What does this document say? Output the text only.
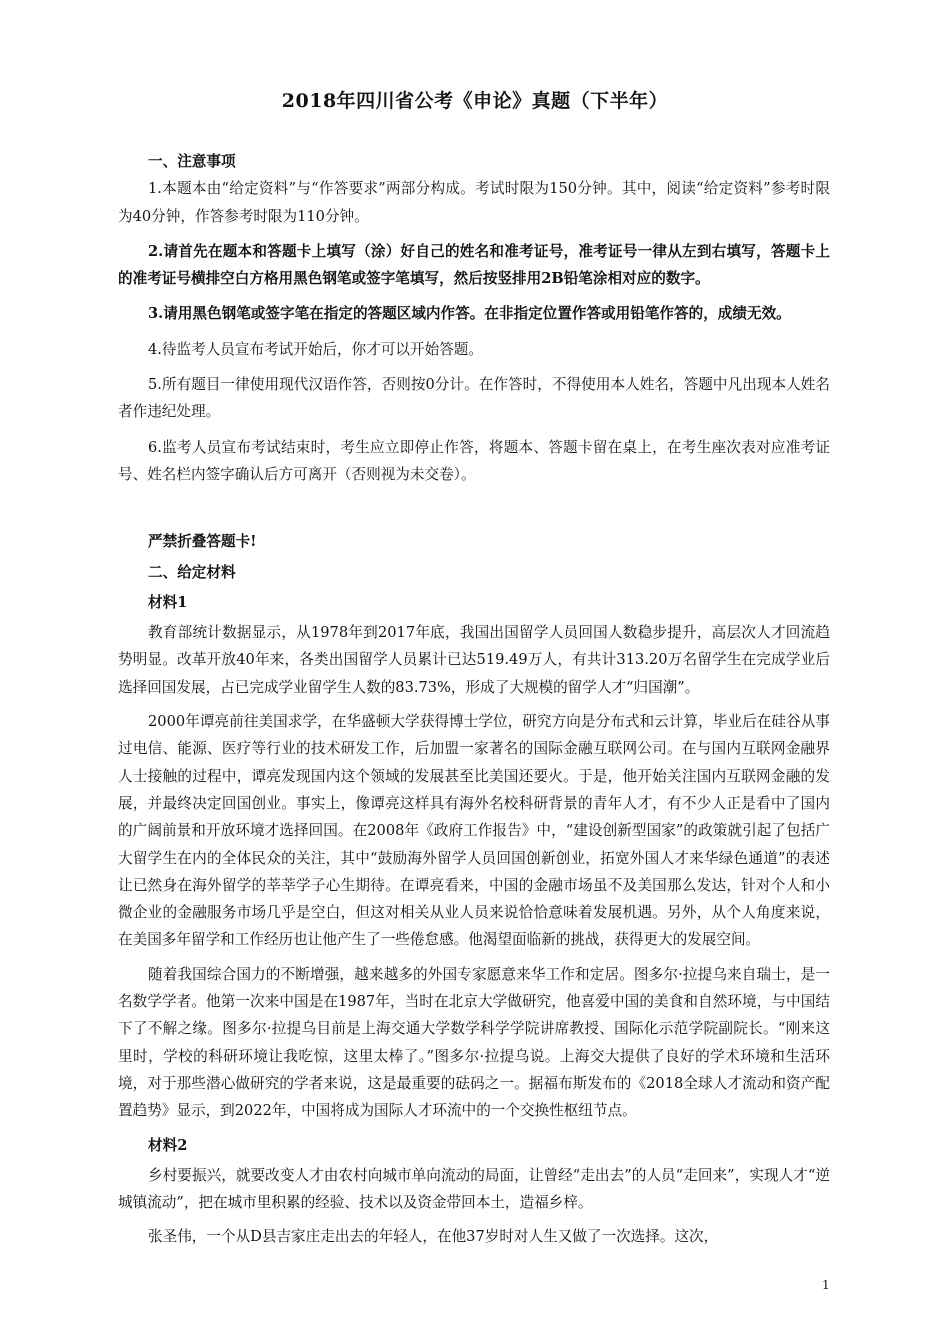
2018年四川省公考《申论》真题（下半年）

一、注意事项

1.本题本由“给定资料”与“作答要求”两部分构成。考试时限为150分钟。其中，阅读“给定资料”参考时限为40分钟，作答参考时限为110分钟。

2.请首先在题本和答题卡上填写（涂）好自己的姓名和准考证号，准考证号一律从左到右填写，答题卡上的准考证号横排空白方格用黑色钢笔或签字笔填写，然后按竖排用2B铅笔涂相对应的数字。

3.请用黑色钢笔或签字笔在指定的答题区域内作答。在非指定位置作答或用铅笔作答的，成绩无效。

4.待监考人员宣布考试开始后，你才可以开始答题。

5.所有题目一律使用现代汉语作答，否则按0分计。在作答时，不得使用本人姓名，答题中凡出现本人姓名者作违纪处理。

6.监考人员宣布考试结束时，考生应立即停止作答，将题本、答题卡留在桌上，在考生座次表对应准考证号、姓名栏内签字确认后方可离开（否则视为未交卷）。

严禁折叠答题卡!

二、给定材料

材料1

教育部统计数据显示，从1978年到2017年底，我国出国留学人员回国人数稳步提升，高层次人才回流趋势明显。改革开放40年来，各类出国留学人员累计已达519.49万人，有共计313.20万名留学生在完成学业后选择回国发展，占已完成学业留学生人数的83.73%，形成了大规模的留学人才“归国潮”。

2000年谭亮前往美国求学，在华盛顿大学获得博士学位，研究方向是分布式和云计算，毕业后在硅谷从事过电信、能源、医疗等行业的技术研发工作，后加盟一家著名的国际金融互联网公司。在与国内互联网金融界人士接触的过程中，谭亮发现国内这个领域的发展甚至比美国还要火。于是，他开始关注国内互联网金融的发展，并最终决定回国创业。事实上，像谭亮这样具有海外名校科研背景的青年人才，有不少人正是看中了国内的广阔前景和开放环境才选择回国。在2008年《政府工作报告》中，“建设创新型国家”的政策就引起了包括广大留学生在内的全体民众的关注，其中“鼓励海外留学人员回国创新创业，拓宽外国人才来华绿色通道”的表述让已然身在海外留学的莘莘学子心生期待。在谭亮看来，中国的金融市场虽不及美国那么发达，针对个人和小微企业的金融服务市场几乎是空白，但这对相关从业人员来说恰恰意味着发展机遇。另外，从个人角度来说，在美国多年留学和工作经历也让他产生了一些倦怠感。他渴望面临新的挑战，获得更大的发展空间。

随着我国综合国力的不断增强，越来越多的外国专家愿意来华工作和定居。图多尔·拉提乌来自瑞士，是一名数学学者。他第一次来中国是在1987年，当时在北京大学做研究，他喜爱中国的美食和自然环境，与中国结下了不解之缘。图多尔·拉提乌目前是上海交通大学数学科学学院讲席教授、国际化示范学院副院长。“刚来这里时，学校的科研环境让我吃惊，这里太棒了。”图多尔·拉提乌说。上海交大提供了良好的学术环境和生活环境，对于那些潜心做研究的学者来说，这是最重要的砝码之一。据福布斯发布的《2018全球人才流动和资产配置趋势》显示，到2022年，中国将成为国际人才环流中的一个交换性枢纽节点。

材料2

乡村要振兴，就要改变人才由农村向城市单向流动的局面，让曾经“走出去”的人员“走回来”，实现人才“逆城镇流动”，把在城市里积累的经验、技术以及资金带回本土，造福乡梓。

张圣伟，一个从D县吉家庄走出去的年轻人，在他37岁时对人生又做了一次选择。这次，

1
